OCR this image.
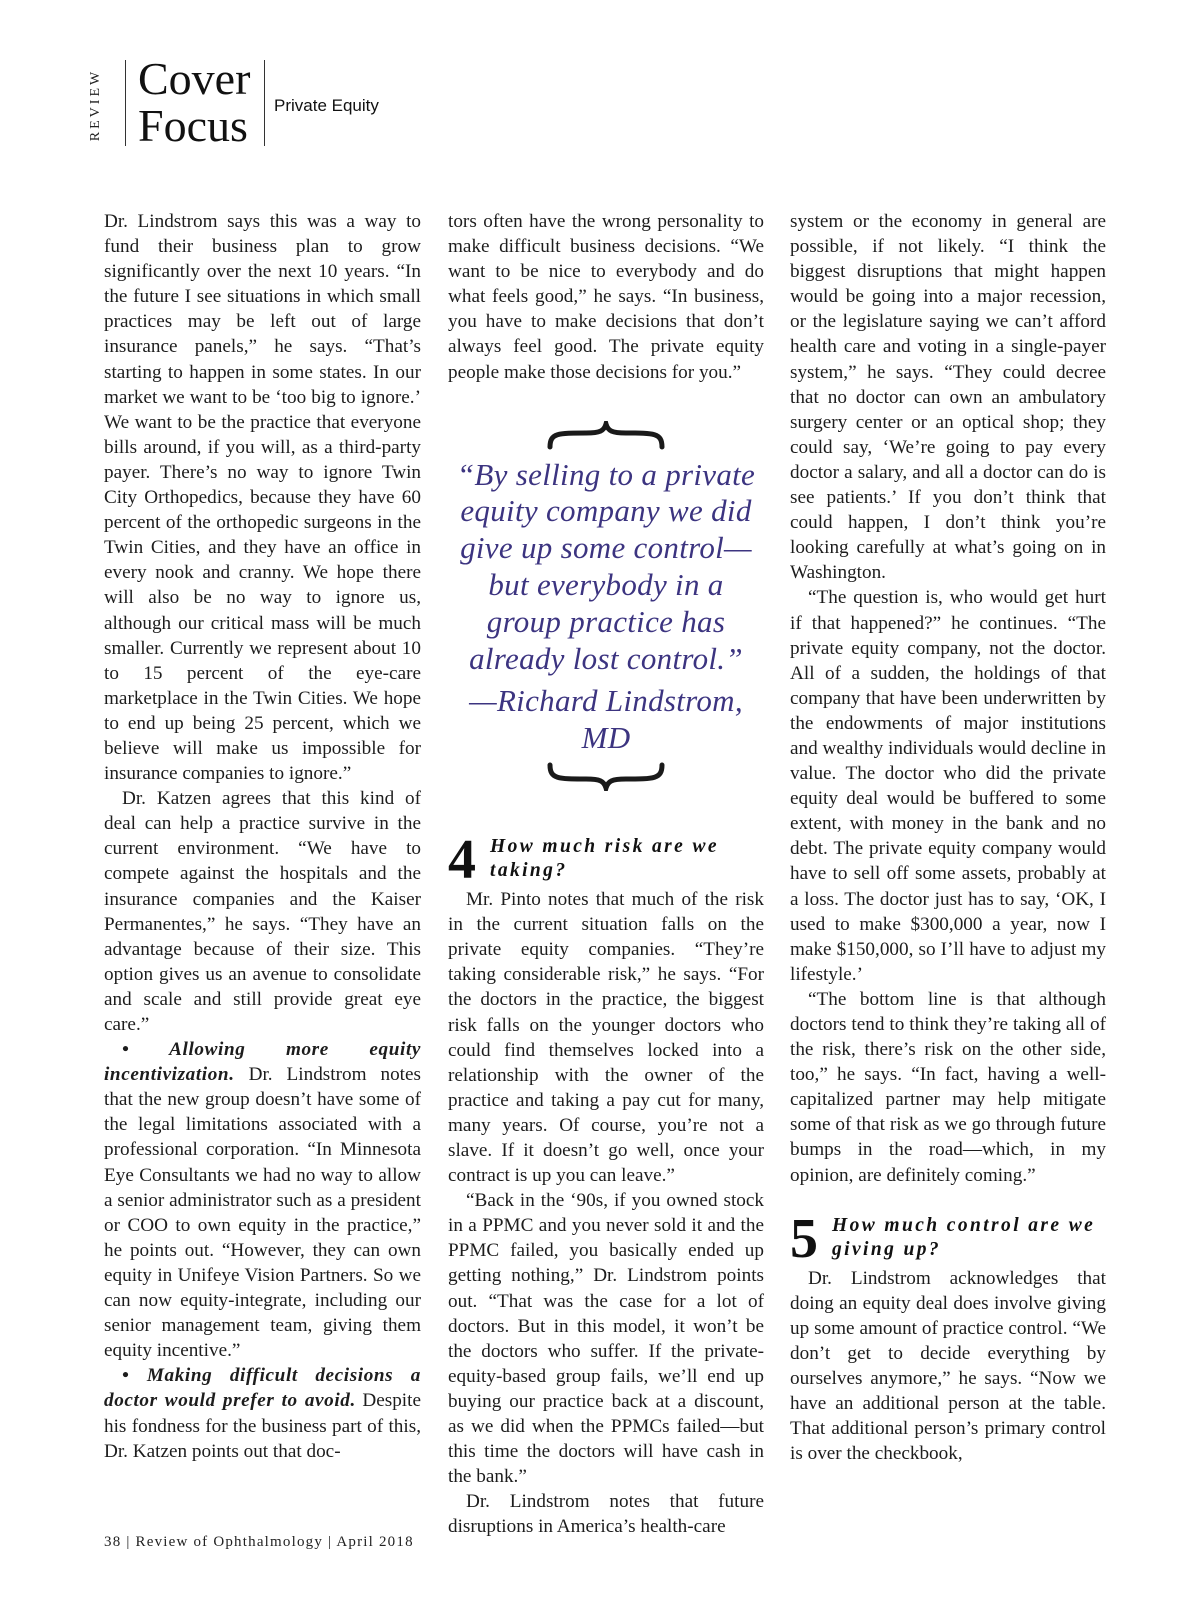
REVIEW Cover
Focus Private Equity

Dr. Lindstrom says this was a way to fund their business plan to grow significantly over the next 10 years. “In the future I see situations in which small practices may be left out of large insurance panels,” he says. “That’s starting to happen in some states. In our market we want to be ‘too big to ignore.’ We want to be the practice that everyone bills around, if you will, as a third-party payer. There’s no way to ignore Twin City Orthopedics, because they have 60 percent of the orthopedic surgeons in the Twin Cities, and they have an office in every nook and cranny. We hope there will also be no way to ignore us, although our critical mass will be much smaller. Currently we represent about 10 to 15 percent of the eye-care marketplace in the Twin Cities. We hope to end up being 25 percent, which we believe will make us impossible for insurance companies to ignore.”

Dr. Katzen agrees that this kind of deal can help a practice survive in the current environment. “We have to compete against the hospitals and the insurance companies and the Kaiser Permanentes,” he says. “They have an advantage because of their size. This option gives us an avenue to consolidate and scale and still provide great eye care.”

• Allowing more equity incentivization. Dr. Lindstrom notes that the new group doesn’t have some of the legal limitations associated with a professional corporation. “In Minnesota Eye Consultants we had no way to allow a senior administrator such as a president or COO to own equity in the practice,” he points out. “However, they can own equity in Unifeye Vision Partners. So we can now equity-integrate, including our senior management team, giving them equity incentive.”

• Making difficult decisions a doctor would prefer to avoid. Despite his fondness for the business part of this, Dr. Katzen points out that doc-

tors often have the wrong personality to make difficult business decisions. “We want to be nice to everybody and do what feels good,” he says. “In business, you have to make decisions that don’t always feel good. The private equity people make those decisions for you.”

“By selling to a private equity company we did give up some control—but everybody in a group practice has already lost control.”
—Richard Lindstrom, MD
4 How much risk are we taking?

Mr. Pinto notes that much of the risk in the current situation falls on the private equity companies. “They’re taking considerable risk,” he says. “For the doctors in the practice, the biggest risk falls on the younger doctors who could find themselves locked into a relationship with the owner of the practice and taking a pay cut for many, many years. Of course, you’re not a slave. If it doesn’t go well, once your contract is up you can leave.”

“Back in the ‘90s, if you owned stock in a PPMC and you never sold it and the PPMC failed, you basically ended up getting nothing,” Dr. Lindstrom points out. “That was the case for a lot of doctors. But in this model, it won’t be the doctors who suffer. If the private-equity-based group fails, we’ll end up buying our practice back at a discount, as we did when the PPMCs failed—but this time the doctors will have cash in the bank.”

Dr. Lindstrom notes that future disruptions in America’s health-care

system or the economy in general are possible, if not likely. “I think the biggest disruptions that might happen would be going into a major recession, or the legislature saying we can’t afford health care and voting in a single-payer system,” he says. “They could decree that no doctor can own an ambulatory surgery center or an optical shop; they could say, ‘We’re going to pay every doctor a salary, and all a doctor can do is see patients.’ If you don’t think that could happen, I don’t think you’re looking carefully at what’s going on in Washington.

“The question is, who would get hurt if that happened?” he continues. “The private equity company, not the doctor. All of a sudden, the holdings of that company that have been underwritten by the endowments of major institutions and wealthy individuals would decline in value. The doctor who did the private equity deal would be buffered to some extent, with money in the bank and no debt. The private equity company would have to sell off some assets, probably at a loss. The doctor just has to say, ‘OK, I used to make $300,000 a year, now I make $150,000, so I’ll have to adjust my lifestyle.’

“The bottom line is that although doctors tend to think they’re taking all of the risk, there’s risk on the other side, too,” he says. “In fact, having a well-capitalized partner may help mitigate some of that risk as we go through future bumps in the road—which, in my opinion, are definitely coming.”

5 How much control are we giving up?

Dr. Lindstrom acknowledges that doing an equity deal does involve giving up some amount of practice control. “We don’t get to decide everything by ourselves anymore,” he says. “Now we have an additional person at the table. That additional person’s primary control is over the checkbook,

38 | Review of Ophthalmology | April 2018
